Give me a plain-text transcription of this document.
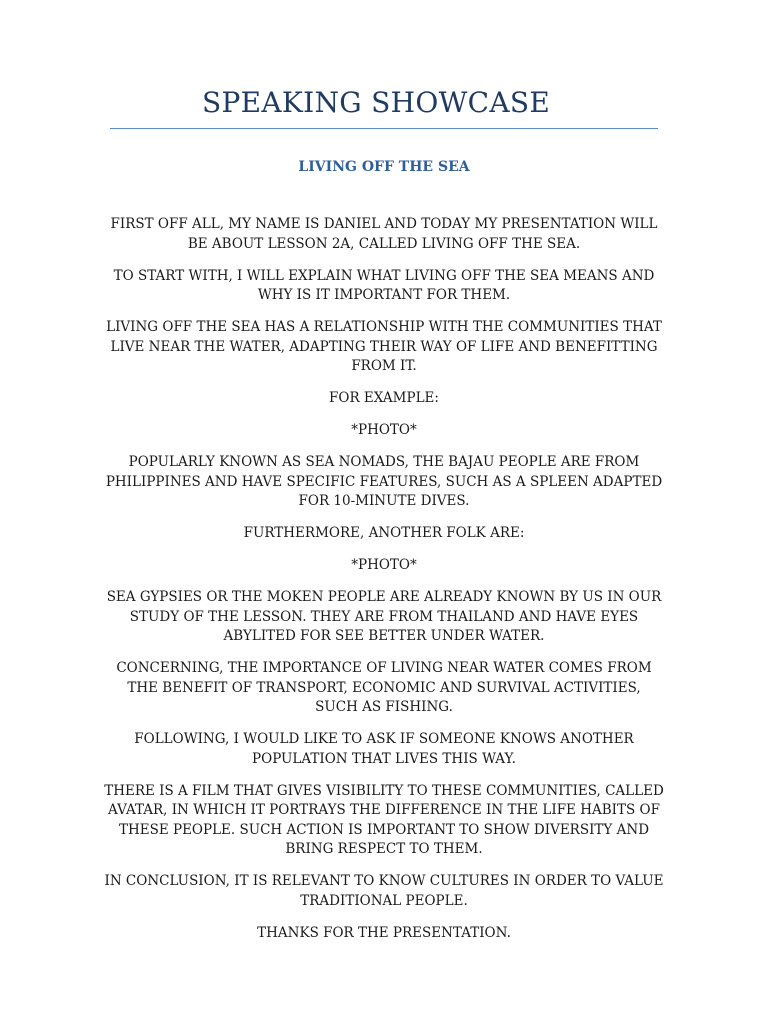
SPEAKING SHOWCASE
LIVING OFF THE SEA

FIRST OFF ALL, MY NAME IS DANIEL AND TODAY MY PRESENTATION WILL BE ABOUT LESSON 2A, CALLED LIVING OFF THE SEA.

TO START WITH, I WILL EXPLAIN WHAT LIVING OFF THE SEA MEANS AND WHY IS IT IMPORTANT FOR THEM.

LIVING OFF THE SEA HAS A RELATIONSHIP WITH THE COMMUNITIES THAT LIVE NEAR THE WATER, ADAPTING THEIR WAY OF LIFE AND BENEFITTING FROM IT.

FOR EXAMPLE:

*PHOTO*

POPULARLY KNOWN AS SEA NOMADS, THE BAJAU PEOPLE ARE FROM PHILIPPINES AND HAVE SPECIFIC FEATURES, SUCH AS A SPLEEN ADAPTED FOR 10-MINUTE DIVES.

FURTHERMORE, ANOTHER FOLK ARE:

*PHOTO*

SEA GYPSIES OR THE MOKEN PEOPLE ARE ALREADY KNOWN BY US IN OUR STUDY OF THE LESSON. THEY ARE FROM THAILAND AND HAVE EYES ABYLITED FOR SEE BETTER UNDER WATER.

CONCERNING, THE IMPORTANCE OF LIVING NEAR WATER COMES FROM THE BENEFIT OF TRANSPORT, ECONOMIC AND SURVIVAL ACTIVITIES, SUCH AS FISHING.

FOLLOWING, I WOULD LIKE TO ASK IF SOMEONE KNOWS ANOTHER POPULATION THAT LIVES THIS WAY.

THERE IS A FILM THAT GIVES VISIBILITY TO THESE COMMUNITIES, CALLED AVATAR, IN WHICH IT PORTRAYS THE DIFFERENCE IN THE LIFE HABITS OF THESE PEOPLE. SUCH ACTION IS IMPORTANT TO SHOW DIVERSITY AND BRING RESPECT TO THEM.

IN CONCLUSION, IT IS RELEVANT TO KNOW CULTURES IN ORDER TO VALUE TRADITIONAL PEOPLE.

THANKS FOR THE PRESENTATION.
